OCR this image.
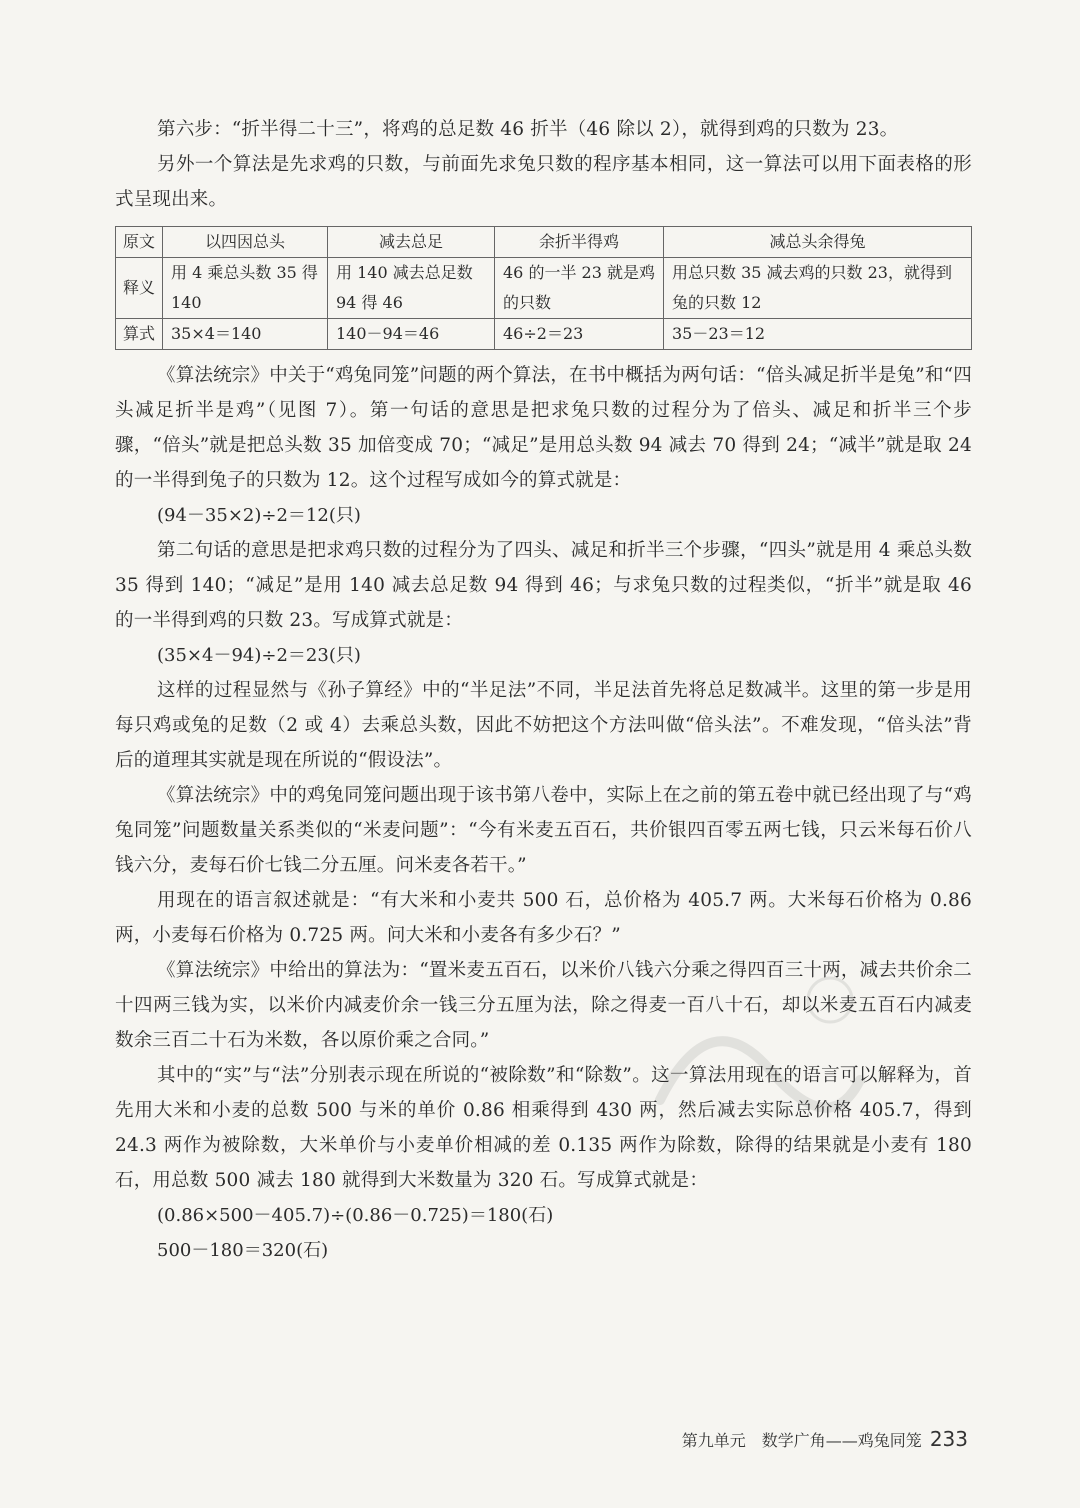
第六步：“折半得二十三”，将鸡的总足数 46 折半（46 除以 2），就得到鸡的只数为 23。

另外一个算法是先求鸡的只数，与前面先求兔只数的程序基本相同，这一算法可以用下面表格的形式呈现出来。

原文	以四因总头	减去总足	余折半得鸡	减总头余得兔
释义	用 4 乘总头数 35 得 140	用 140 减去总足数 94 得 46	46 的一半 23 就是鸡的只数	用总只数 35 减去鸡的只数 23，就得到兔的只数 12
算式	35×4＝140	140－94＝46	46÷2＝23	35－23＝12

《算法统宗》中关于“鸡兔同笼”问题的两个算法，在书中概括为两句话：“倍头减足折半是兔”和“四头减足折半是鸡”（见图 7）。第一句话的意思是把求兔只数的过程分为了倍头、减足和折半三个步骤，“倍头”就是把总头数 35 加倍变成 70；“减足”是用总头数 94 减去 70 得到 24；“减半”就是取 24 的一半得到兔子的只数为 12。这个过程写成如今的算式就是：

(94－35×2)÷2＝12(只)

第二句话的意思是把求鸡只数的过程分为了四头、减足和折半三个步骤，“四头”就是用 4 乘总头数 35 得到 140；“减足”是用 140 减去总足数 94 得到 46；与求兔只数的过程类似，“折半”就是取 46 的一半得到鸡的只数 23。写成算式就是：

(35×4－94)÷2＝23(只)

这样的过程显然与《孙子算经》中的“半足法”不同，半足法首先将总足数减半。这里的第一步是用每只鸡或兔的足数（2 或 4）去乘总头数，因此不妨把这个方法叫做“倍头法”。不难发现，“倍头法”背后的道理其实就是现在所说的“假设法”。

《算法统宗》中的鸡兔同笼问题出现于该书第八卷中，实际上在之前的第五卷中就已经出现了与“鸡兔同笼”问题数量关系类似的“米麦问题”：“今有米麦五百石，共价银四百零五两七钱，只云米每石价八钱六分，麦每石价七钱二分五厘。问米麦各若干。”

用现在的语言叙述就是：“有大米和小麦共 500 石，总价格为 405.7 两。大米每石价格为 0.86 两，小麦每石价格为 0.725 两。问大米和小麦各有多少石？”

《算法统宗》中给出的算法为：“置米麦五百石，以米价八钱六分乘之得四百三十两，减去共价余二十四两三钱为实，以米价内减麦价余一钱三分五厘为法，除之得麦一百八十石，却以米麦五百石内减麦数余三百二十石为米数，各以原价乘之合同。”

其中的“实”与“法”分别表示现在所说的“被除数”和“除数”。这一算法用现在的语言可以解释为，首先用大米和小麦的总数 500 与米的单价 0.86 相乘得到 430 两，然后减去实际总价格 405.7，得到 24.3 两作为被除数，大米单价与小麦单价相减的差 0.135 两作为除数，除得的结果就是小麦有 180 石，用总数 500 减去 180 就得到大米数量为 320 石。写成算式就是：

(0.86×500－405.7)÷(0.86－0.725)＝180(石)

500－180＝320(石)

第九单元　数学广角——鸡兔同笼 233
